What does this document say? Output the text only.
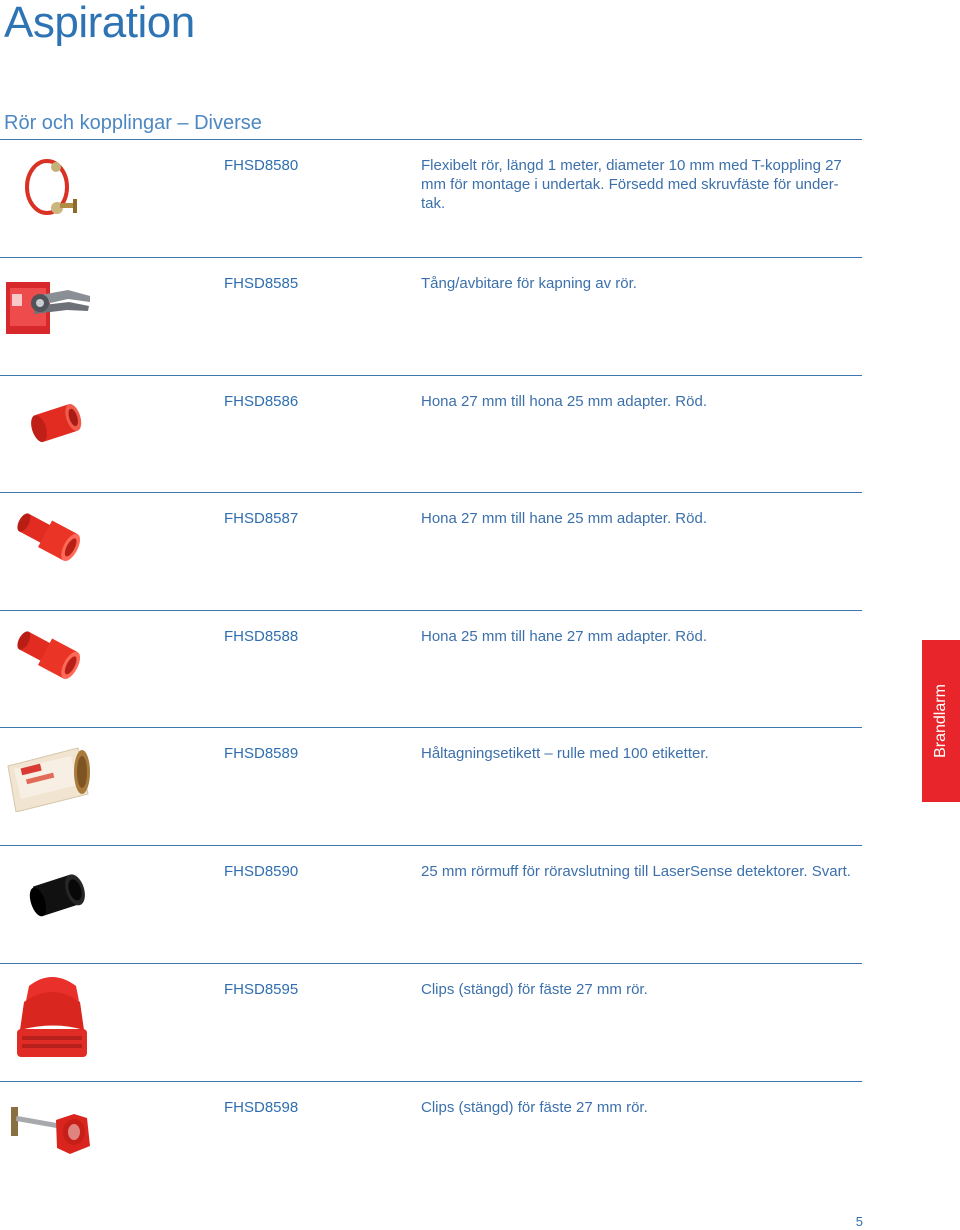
Aspiration
Rör och kopplingar – Diverse
FHSD8580	Flexibelt rör, längd 1 meter, diameter 10 mm med T-koppling 27 mm för montage i undertak. Försedd med skruvfäste för under-tak.
FHSD8585	Tång/avbitare för kapning av rör.
FHSD8586	Hona 27 mm till hona 25 mm adapter. Röd.
FHSD8587	Hona 27 mm till hane 25 mm adapter. Röd.
FHSD8588	Hona 25 mm till hane 27 mm adapter. Röd.
FHSD8589	Håltagningsetikett – rulle med 100 etiketter.
FHSD8590	25 mm rörmuff för röravslutning till LaserSense detektorer. Svart.
FHSD8595	Clips (stängd) för fäste 27 mm rör.
FHSD8598	Clips (stängd) för fäste 27 mm rör.
Brandlarm
5
